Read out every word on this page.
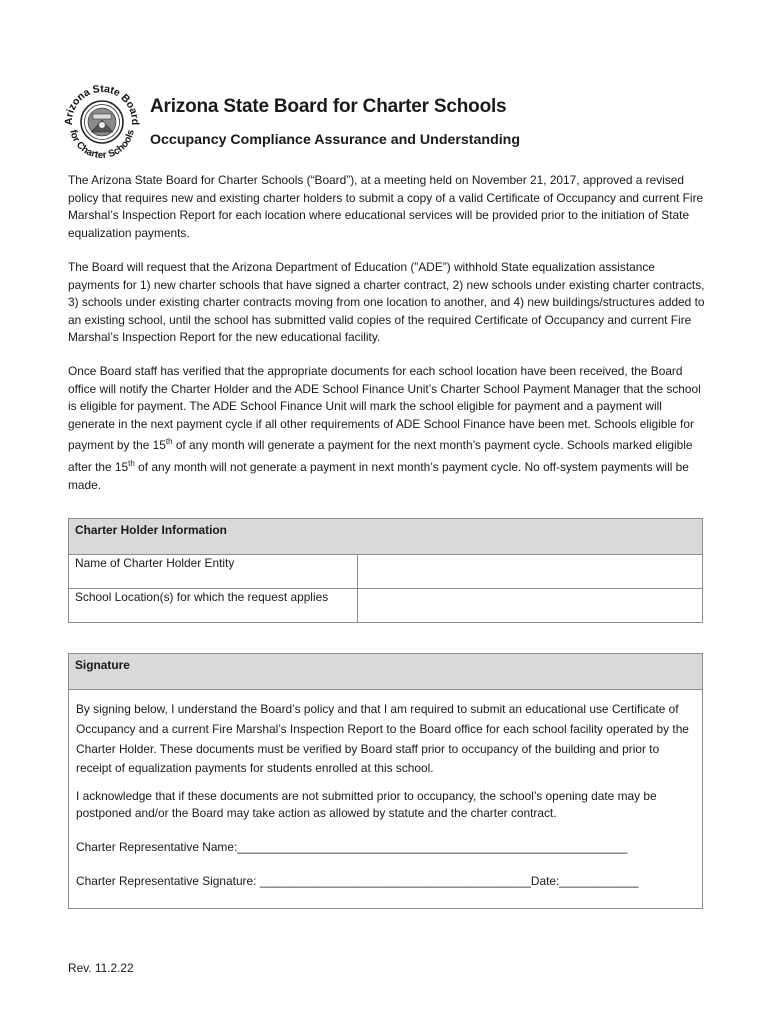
Arizona State Board
for Charter Schools
Arizona State Board for Charter Schools
Occupancy Compliance Assurance and Understanding

The Arizona State Board for Charter Schools (“Board”), at a meeting held on November 21, 2017, approved a revised policy that requires new and existing charter holders to submit a copy of a valid Certificate of Occupancy and current Fire Marshal’s Inspection Report for each location where educational services will be provided prior to the initiation of State equalization payments.

The Board will request that the Arizona Department of Education (”ADE”) withhold State equalization assistance payments for 1) new charter schools that have signed a charter contract, 2) new schools under existing charter contracts, 3) schools under existing charter contracts moving from one location to another, and 4) new buildings/structures added to an existing school, until the school has submitted valid copies of the required Certificate of Occupancy and current Fire Marshal’s Inspection Report for the new educational facility.

Once Board staff has verified that the appropriate documents for each school location have been received, the Board office will notify the Charter Holder and the ADE School Finance Unit’s Charter School Payment Manager that the school is eligible for payment. The ADE School Finance Unit will mark the school eligible for payment and a payment will generate in the next payment cycle if all other requirements of ADE School Finance have been met. Schools eligible for payment by the 15th of any month will generate a payment for the next month’s payment cycle. Schools marked eligible after the 15th of any month will not generate a payment in next month’s payment cycle. No off-system payments will be made.

Charter Holder Information	

Name of Charter Holder Entity	

School Location(s) for which the request applies	

Signature

By signing below, I understand the Board’s policy and that I am required to submit an educational use Certificate of Occupancy and a current Fire Marshal’s Inspection Report to the Board office for each school facility operated by the Charter Holder. These documents must be verified by Board staff prior to occupancy of the building and prior to receipt of equalization payments for students enrolled at this school.

I acknowledge that if these documents are not submitted prior to occupancy, the school’s opening date may be postponed and/or the Board may take action as allowed by statute and the charter contract.

Charter Representative Name:___________________________________________________________

Charter Representative Signature: _________________________________________Date:____________

Rev. 11.2.22
